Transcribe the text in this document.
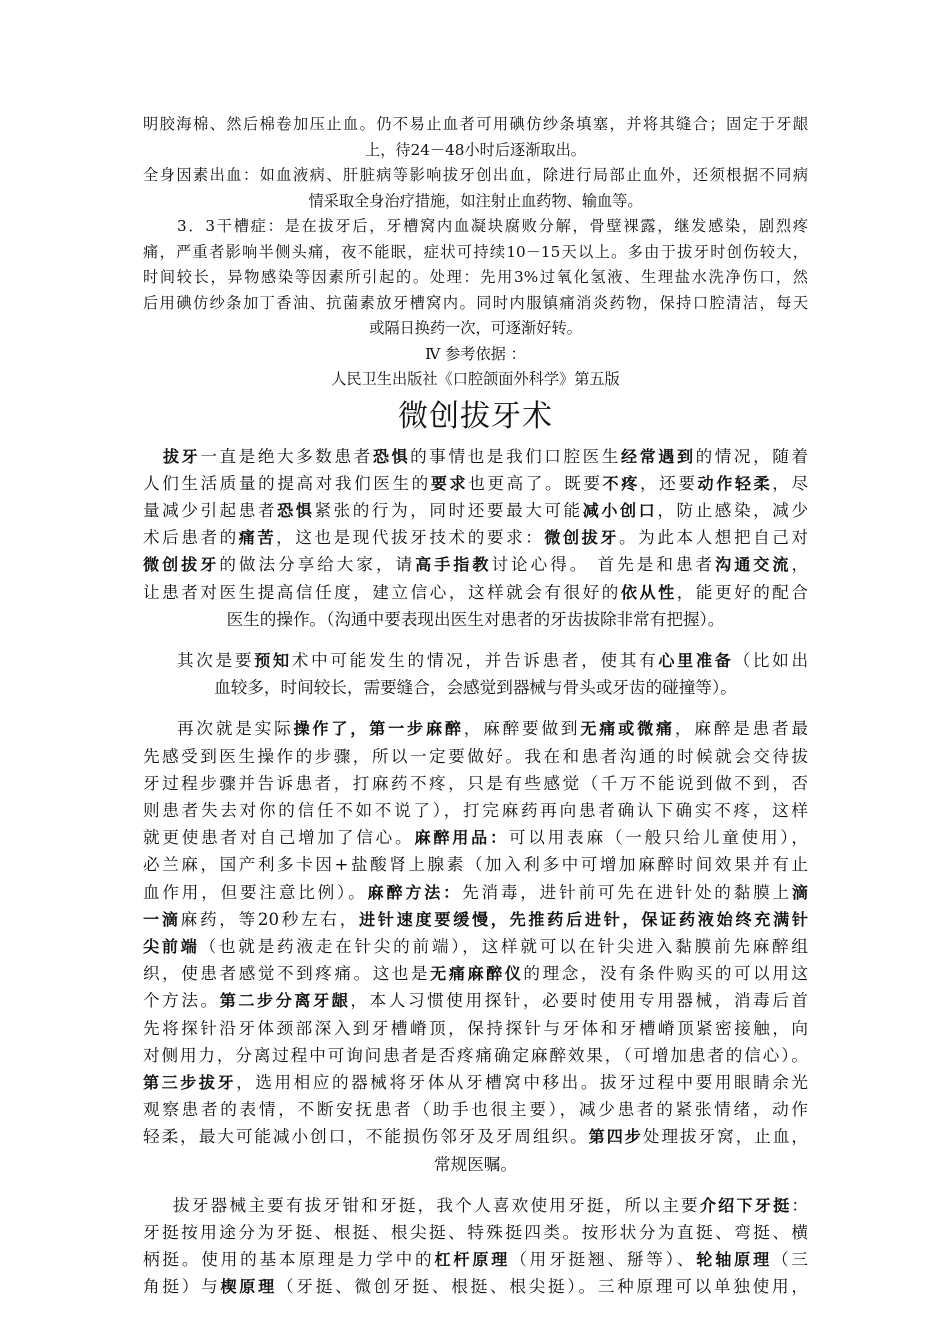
明胶海棉、然后棉卷加压止血。仍不易止血者可用碘仿纱条填塞，并将其缝合；固定于牙龈
上，待24－48小时后逐渐取出。
全身因素出血：如血液病、肝脏病等影响拔牙创出血，除进行局部止血外，还须根据不同病
情采取全身治疗措施，如注射止血药物、输血等。
3．3干槽症：是在拔牙后，牙槽窝内血凝块腐败分解，骨壁裸露，继发感染，剧烈疼
痛，严重者影响半侧头痛，夜不能眠，症状可持续10－15天以上。多由于拔牙时创伤较大，
时间较长，异物感染等因素所引起的。处理：先用3%过氧化氢液、生理盐水洗净伤口，然
后用碘仿纱条加丁香油、抗菌素放牙槽窝内。同时内服镇痛消炎药物，保持口腔清洁，每天
或隔日换药一次，可逐渐好转。
Ⅳ 参考依据 ：
人民卫生出版社《口腔颌面外科学》第五版
微创拔牙术
拔牙一直是绝大多数患者恐惧的事情也是我们口腔医生经常遇到的情况，随着
人们生活质量的提高对我们医生的要求也更高了。既要不疼，还要动作轻柔，尽
量减少引起患者恐惧紧张的行为，同时还要最大可能减小创口，防止感染，减少
术后患者的痛苦，这也是现代拔牙技术的要求：微创拔牙。为此本人想把自己对
微创拔牙的做法分享给大家，请高手指教讨论心得。 首先是和患者沟通交流，
让患者对医生提高信任度，建立信心，这样就会有很好的依从性，能更好的配合
医生的操作。（沟通中要表现出医生对患者的牙齿拔除非常有把握）。
其次是要预知术中可能发生的情况，并告诉患者，使其有心里准备（比如出
血较多，时间较长，需要缝合，会感觉到器械与骨头或牙齿的碰撞等）。
再次就是实际操作了，第一步麻醉，麻醉要做到无痛或微痛，麻醉是患者最
先感受到医生操作的步骤，所以一定要做好。我在和患者沟通的时候就会交待拔
牙过程步骤并告诉患者，打麻药不疼，只是有些感觉（千万不能说到做不到，否
则患者失去对你的信任不如不说了），打完麻药再向患者确认下确实不疼，这样
就更使患者对自己增加了信心。麻醉用品：可以用表麻（一般只给儿童使用），
必兰麻，国产利多卡因+盐酸肾上腺素（加入利多中可增加麻醉时间效果并有止
血作用，但要注意比例）。麻醉方法：先消毒，进针前可先在进针处的黏膜上滴
一滴麻药，等20秒左右，进针速度要缓慢，先推药后进针，保证药液始终充满针
尖前端（也就是药液走在针尖的前端），这样就可以在针尖进入黏膜前先麻醉组
织，使患者感觉不到疼痛。这也是无痛麻醉仪的理念，没有条件购买的可以用这
个方法。第二步分离牙龈，本人习惯使用探针，必要时使用专用器械，消毒后首
先将探针沿牙体颈部深入到牙槽嵴顶，保持探针与牙体和牙槽嵴顶紧密接触，向
对侧用力，分离过程中可询问患者是否疼痛确定麻醉效果，（可增加患者的信心）。
第三步拔牙，选用相应的器械将牙体从牙槽窝中移出。拔牙过程中要用眼睛余光
观察患者的表情，不断安抚患者（助手也很主要），减少患者的紧张情绪，动作
轻柔，最大可能减小创口，不能损伤邻牙及牙周组织。第四步处理拔牙窝，止血，
常规医嘱。
拔牙器械主要有拔牙钳和牙挺，我个人喜欢使用牙挺，所以主要介绍下牙挺：
牙挺按用途分为牙挺、根挺、根尖挺、特殊挺四类。按形状分为直挺、弯挺、横
柄挺。使用的基本原理是力学中的杠杆原理（用牙挺翘、掰等）、轮轴原理（三
角挺）与楔原理（牙挺、微创牙挺、根挺、根尖挺）。三种原理可以单独使用，
